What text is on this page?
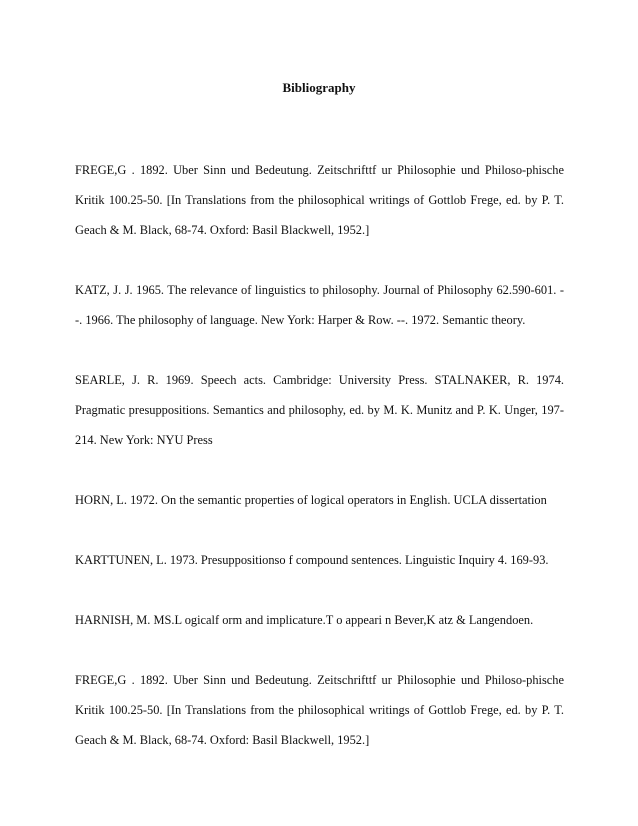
Bibliography

FREGE,G . 1892. Uber Sinn und Bedeutung. Zeitschrifttf ur Philosophie und Philoso-phische Kritik 100.25-50. [In Translations from the philosophical writings of Gottlob Frege, ed. by P. T. Geach & M. Black, 68-74. Oxford: Basil Blackwell, 1952.]

KATZ, J. J. 1965. The relevance of linguistics to philosophy. Journal of Philosophy 62.590-601. --. 1966. The philosophy of language. New York: Harper & Row. --. 1972. Semantic theory.

SEARLE, J. R. 1969. Speech acts. Cambridge: University Press. STALNAKER, R. 1974. Pragmatic presuppositions. Semantics and philosophy, ed. by M. K. Munitz and P. K. Unger, 197-214. New York: NYU Press

HORN, L. 1972. On the semantic properties of logical operators in English. UCLA dissertation

KARTTUNEN, L. 1973. Presuppositionso f compound sentences. Linguistic Inquiry 4. 169-93.

HARNISH, M. MS.L ogicalf orm and implicature.T o appeari n Bever,K atz & Langendoen.

FREGE,G . 1892. Uber Sinn und Bedeutung. Zeitschrifttf ur Philosophie und Philoso-phische Kritik 100.25-50. [In Translations from the philosophical writings of Gottlob Frege, ed. by P. T. Geach & M. Black, 68-74. Oxford: Basil Blackwell, 1952.]
